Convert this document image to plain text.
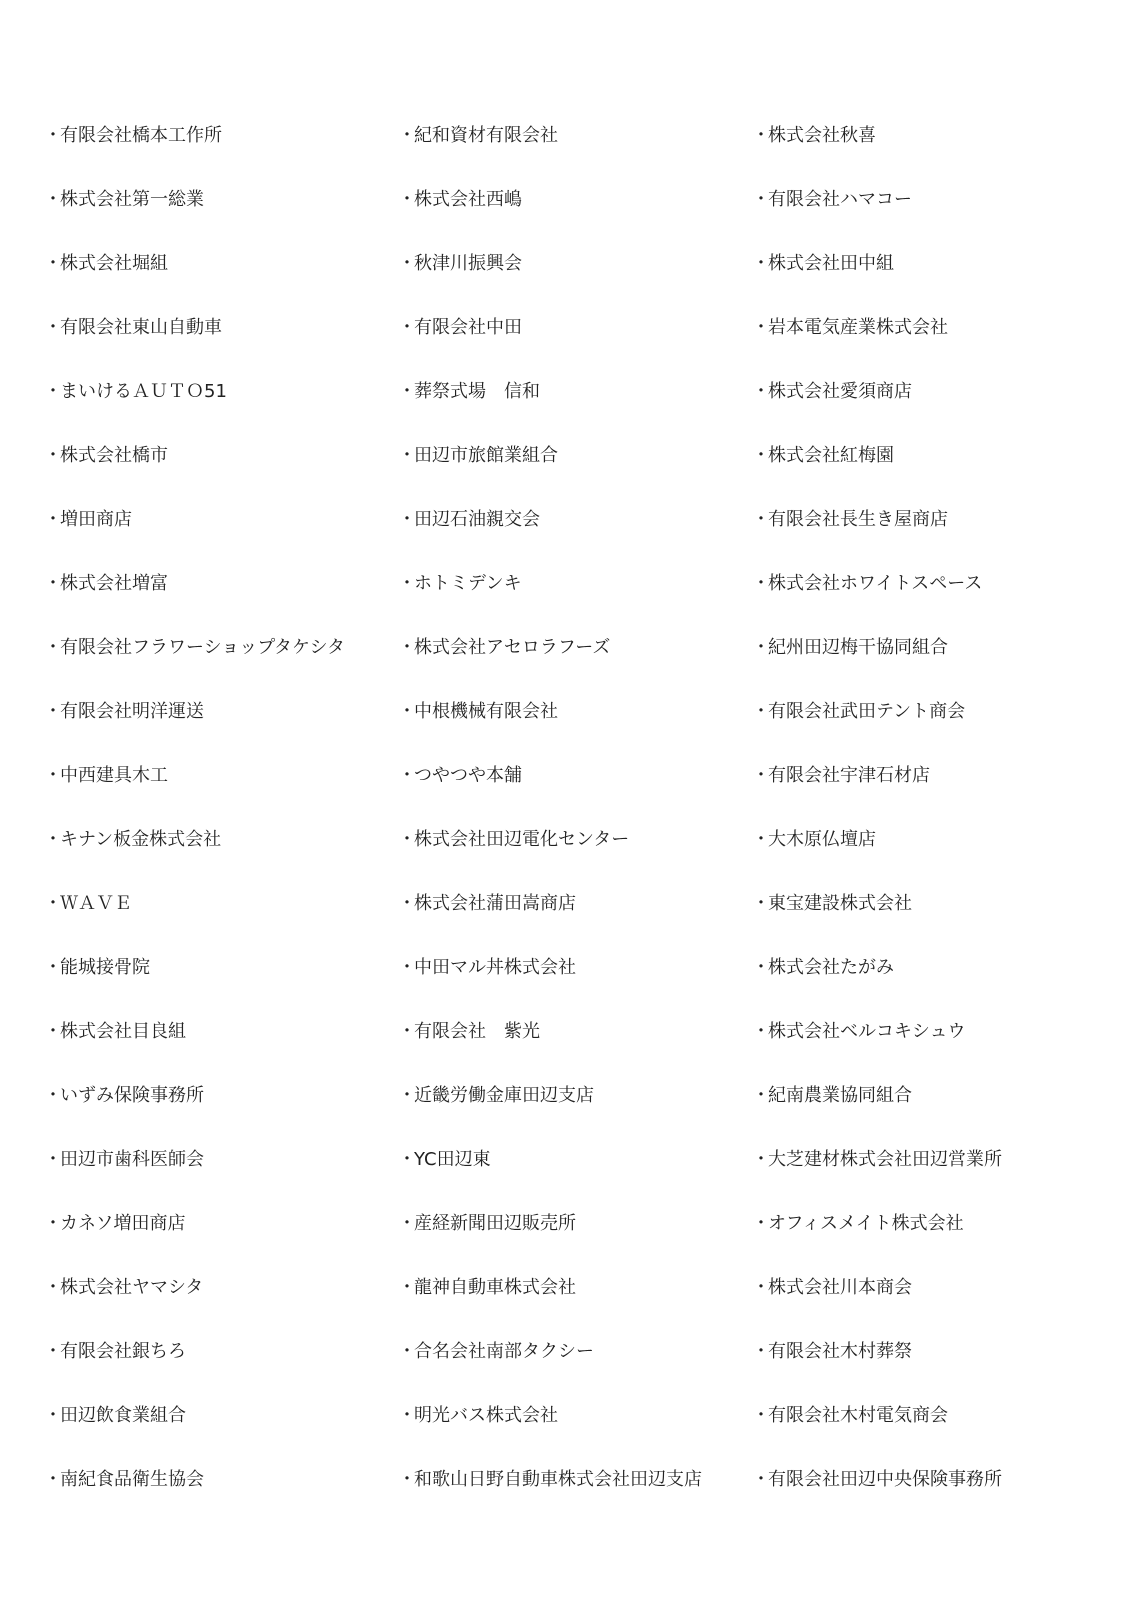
・有限会社橋本工作所
・株式会社第一総業
・株式会社堀組
・有限会社東山自動車
・まいけるＡＵＴＯ51
・株式会社橋市
・増田商店
・株式会社増富
・有限会社フラワーショップタケシタ
・有限会社明洋運送
・中西建具木工
・キナン板金株式会社
・ＷＡＶＥ
・能城接骨院
・株式会社目良組
・いずみ保険事務所
・田辺市歯科医師会
・カネソ増田商店
・株式会社ヤマシタ
・有限会社銀ちろ
・田辺飲食業組合
・南紀食品衛生協会
・紀和資材有限会社
・株式会社西嶋
・秋津川振興会
・有限会社中田
・葬祭式場　信和
・田辺市旅館業組合
・田辺石油親交会
・ホトミデンキ
・株式会社アセロラフーズ
・中根機械有限会社
・つやつや本舗
・株式会社田辺電化センター
・株式会社蒲田嵩商店
・中田マル丼株式会社
・有限会社　紫光
・近畿労働金庫田辺支店
・YC田辺東
・産経新聞田辺販売所
・龍神自動車株式会社
・合名会社南部タクシー
・明光バス株式会社
・和歌山日野自動車株式会社田辺支店
・株式会社秋喜
・有限会社ハマコー
・株式会社田中組
・岩本電気産業株式会社
・株式会社愛須商店
・株式会社紅梅園
・有限会社長生き屋商店
・株式会社ホワイトスペース
・紀州田辺梅干協同組合
・有限会社武田テント商会
・有限会社宇津石材店
・大木原仏壇店
・東宝建設株式会社
・株式会社たがみ
・株式会社ベルコキシュウ
・紀南農業協同組合
・大芝建材株式会社田辺営業所
・オフィスメイト株式会社
・株式会社川本商会
・有限会社木村葬祭
・有限会社木村電気商会
・有限会社田辺中央保険事務所
